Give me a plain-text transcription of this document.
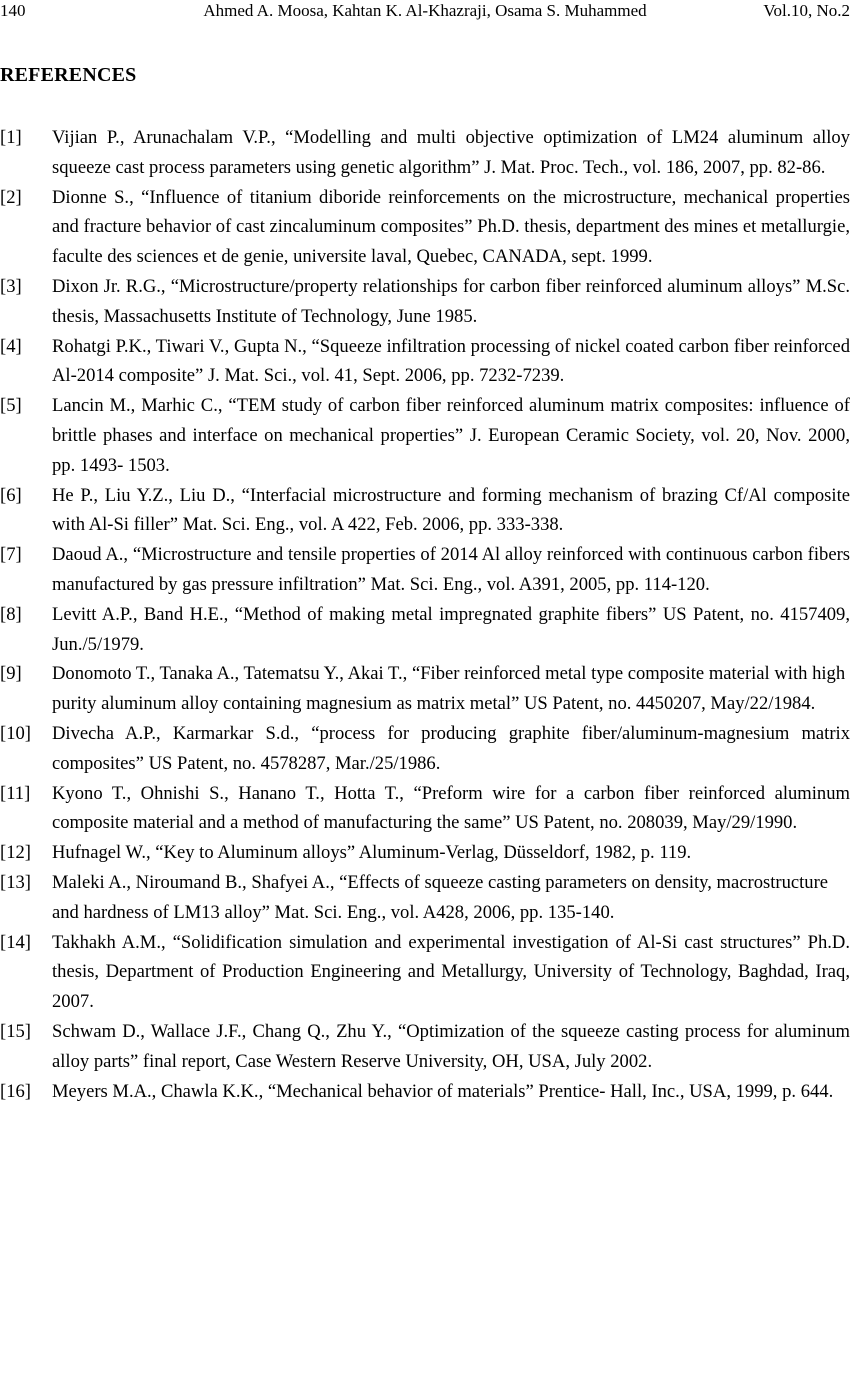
Ahmed A. Moosa, Kahtan K. Al-Khazraji, Osama S. Muhammed
140	Vol.10, No.2
REFERENCES
[1] Vijian P., Arunachalam V.P., “Modelling and multi objective optimization of LM24 aluminum alloy squeeze cast process parameters using genetic algorithm” J. Mat. Proc. Tech., vol. 186, 2007, pp. 82-86.
[2] Dionne S., “Influence of titanium diboride reinforcements on the microstructure, mechanical properties and fracture behavior of cast zincaluminum composites” Ph.D. thesis, department des mines et metallurgie, faculte des sciences et de genie, universite laval, Quebec, CANADA, sept. 1999.
[3] Dixon Jr. R.G., “Microstructure/property relationships for carbon fiber reinforced aluminum alloys” M.Sc. thesis, Massachusetts Institute of Technology, June 1985.
[4] Rohatgi P.K., Tiwari V., Gupta N., “Squeeze infiltration processing of nickel coated carbon fiber reinforced Al-2014 composite” J. Mat. Sci., vol. 41, Sept. 2006, pp. 7232-7239.
[5] Lancin M., Marhic C., “TEM study of carbon fiber reinforced aluminum matrix composites: influence of brittle phases and interface on mechanical properties” J. European Ceramic Society, vol. 20, Nov. 2000, pp. 1493- 1503.
[6] He P., Liu Y.Z., Liu D., “Interfacial microstructure and forming mechanism of brazing Cf/Al composite with Al-Si filler” Mat. Sci. Eng., vol. A 422, Feb. 2006, pp. 333-338.
[7] Daoud A., “Microstructure and tensile properties of 2014 Al alloy reinforced with continuous carbon fibers manufactured by gas pressure infiltration” Mat. Sci. Eng., vol. A391, 2005, pp. 114-120.
[8] Levitt A.P., Band H.E., “Method of making metal impregnated graphite fibers” US Patent, no. 4157409, Jun./5/1979.
[9] Donomoto T., Tanaka A., Tatematsu Y., Akai T., “Fiber reinforced metal type composite material with high purity aluminum alloy containing magnesium as matrix metal” US Patent, no. 4450207, May/22/1984.
[10] Divecha A.P., Karmarkar S.d., “process for producing graphite fiber/aluminum-magnesium matrix composites” US Patent, no. 4578287, Mar./25/1986.
[11] Kyono T., Ohnishi S., Hanano T., Hotta T., “Preform wire for a carbon fiber reinforced aluminum composite material and a method of manufacturing the same” US Patent, no. 208039, May/29/1990.
[12] Hufnagel W., “Key to Aluminum alloys” Aluminum-Verlag, Düsseldorf, 1982, p. 119.
[13] Maleki A., Niroumand B., Shafyei A., “Effects of squeeze casting parameters on density, macrostructure and hardness of LM13 alloy” Mat. Sci. Eng., vol. A428, 2006, pp. 135-140.
[14] Takhakh A.M., “Solidification simulation and experimental investigation of Al-Si cast structures” Ph.D. thesis, Department of Production Engineering and Metallurgy, University of Technology, Baghdad, Iraq, 2007.
[15] Schwam D., Wallace J.F., Chang Q., Zhu Y., “Optimization of the squeeze casting process for aluminum alloy parts” final report, Case Western Reserve University, OH, USA, July 2002.
[16] Meyers M.A., Chawla K.K., “Mechanical behavior of materials” Prentice- Hall, Inc., USA, 1999, p. 644.
